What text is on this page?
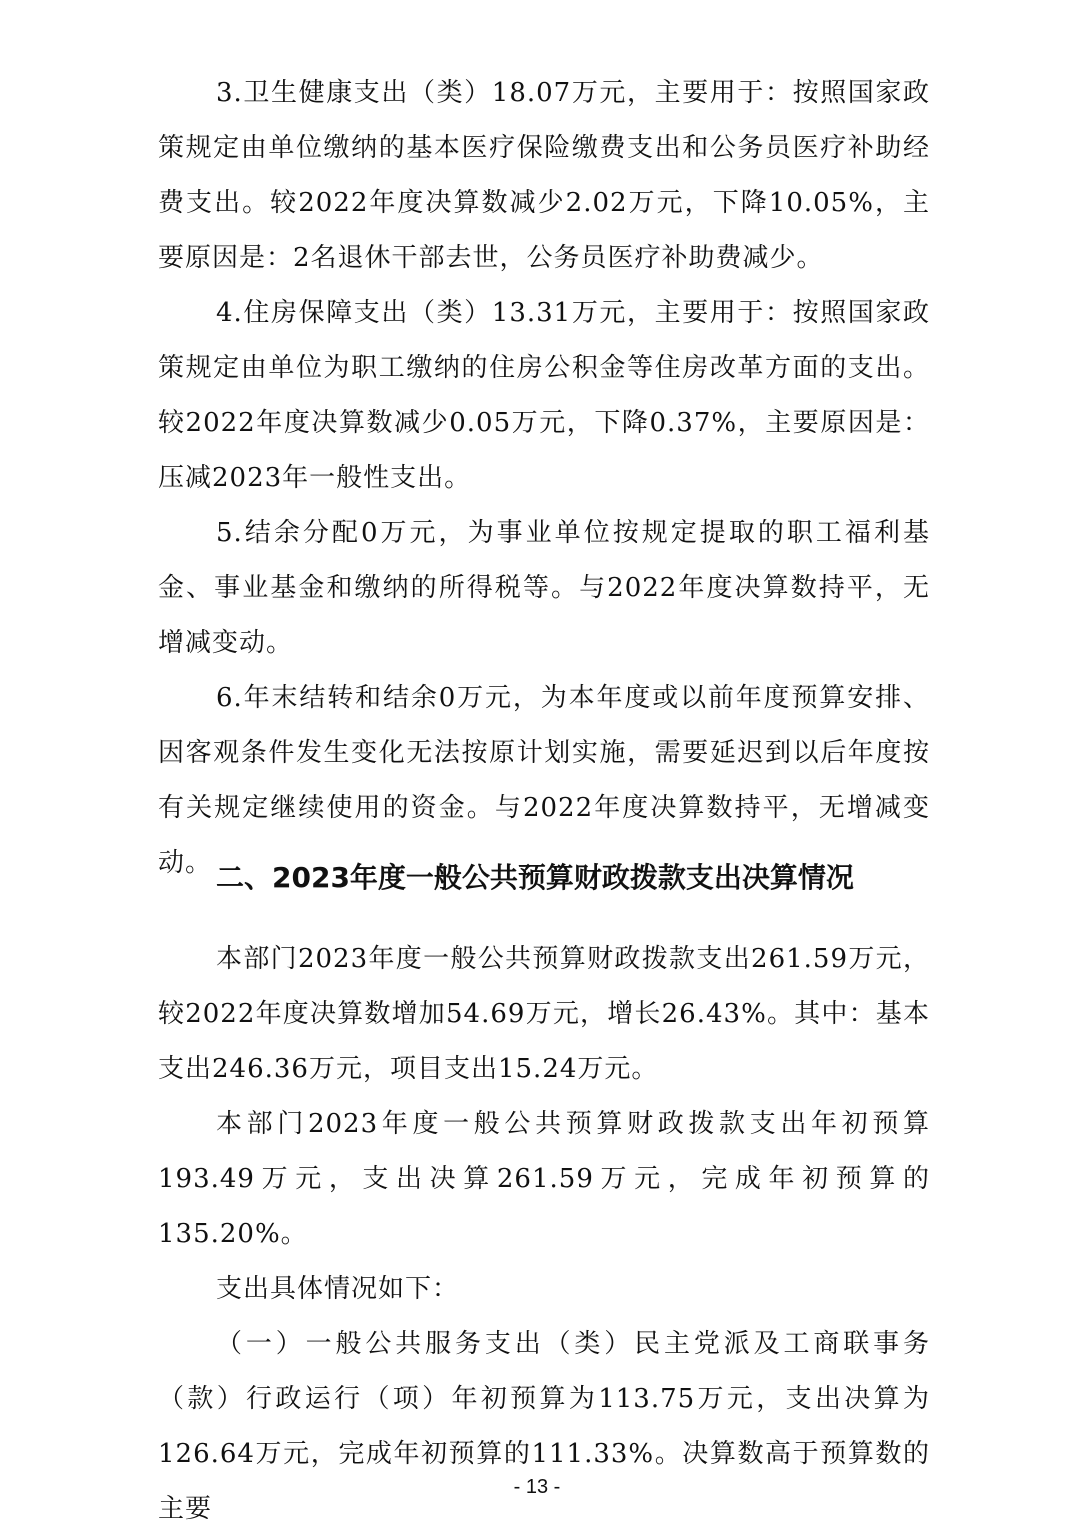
3.卫生健康支出（类）18.07万元，主要用于：按照国家政策规定由单位缴纳的基本医疗保险缴费支出和公务员医疗补助经费支出。较2022年度决算数减少2.02万元，下降10.05%，主要原因是：2名退休干部去世，公务员医疗补助费减少。

4.住房保障支出（类）13.31万元，主要用于：按照国家政策规定由单位为职工缴纳的住房公积金等住房改革方面的支出。较2022年度决算数减少0.05万元，下降0.37%，主要原因是：压减2023年一般性支出。

5.结余分配0万元，为事业单位按规定提取的职工福利基金、事业基金和缴纳的所得税等。与2022年度决算数持平，无增减变动。

6.年末结转和结余0万元，为本年度或以前年度预算安排、因客观条件发生变化无法按原计划实施，需要延迟到以后年度按有关规定继续使用的资金。与2022年度决算数持平，无增减变动。 二、2023年度一般公共预算财政拨款支出决算情况

本部门2023年度一般公共预算财政拨款支出261.59万元，较2022年度决算数增加54.69万元，增长26.43%。其中：基本支出246.36万元，项目支出15.24万元。

本部门2023年度一般公共预算财政拨款支出年初预算193.49万元，支出决算261.59万元，完成年初预算的135.20%。

支出具体情况如下：

（一）一般公共服务支出（类）民主党派及工商联事务（款）行政运行（项）年初预算为113.75万元，支出决算为126.64万元，完成年初预算的111.33%。决算数高于预算数的主要

- 13 -
